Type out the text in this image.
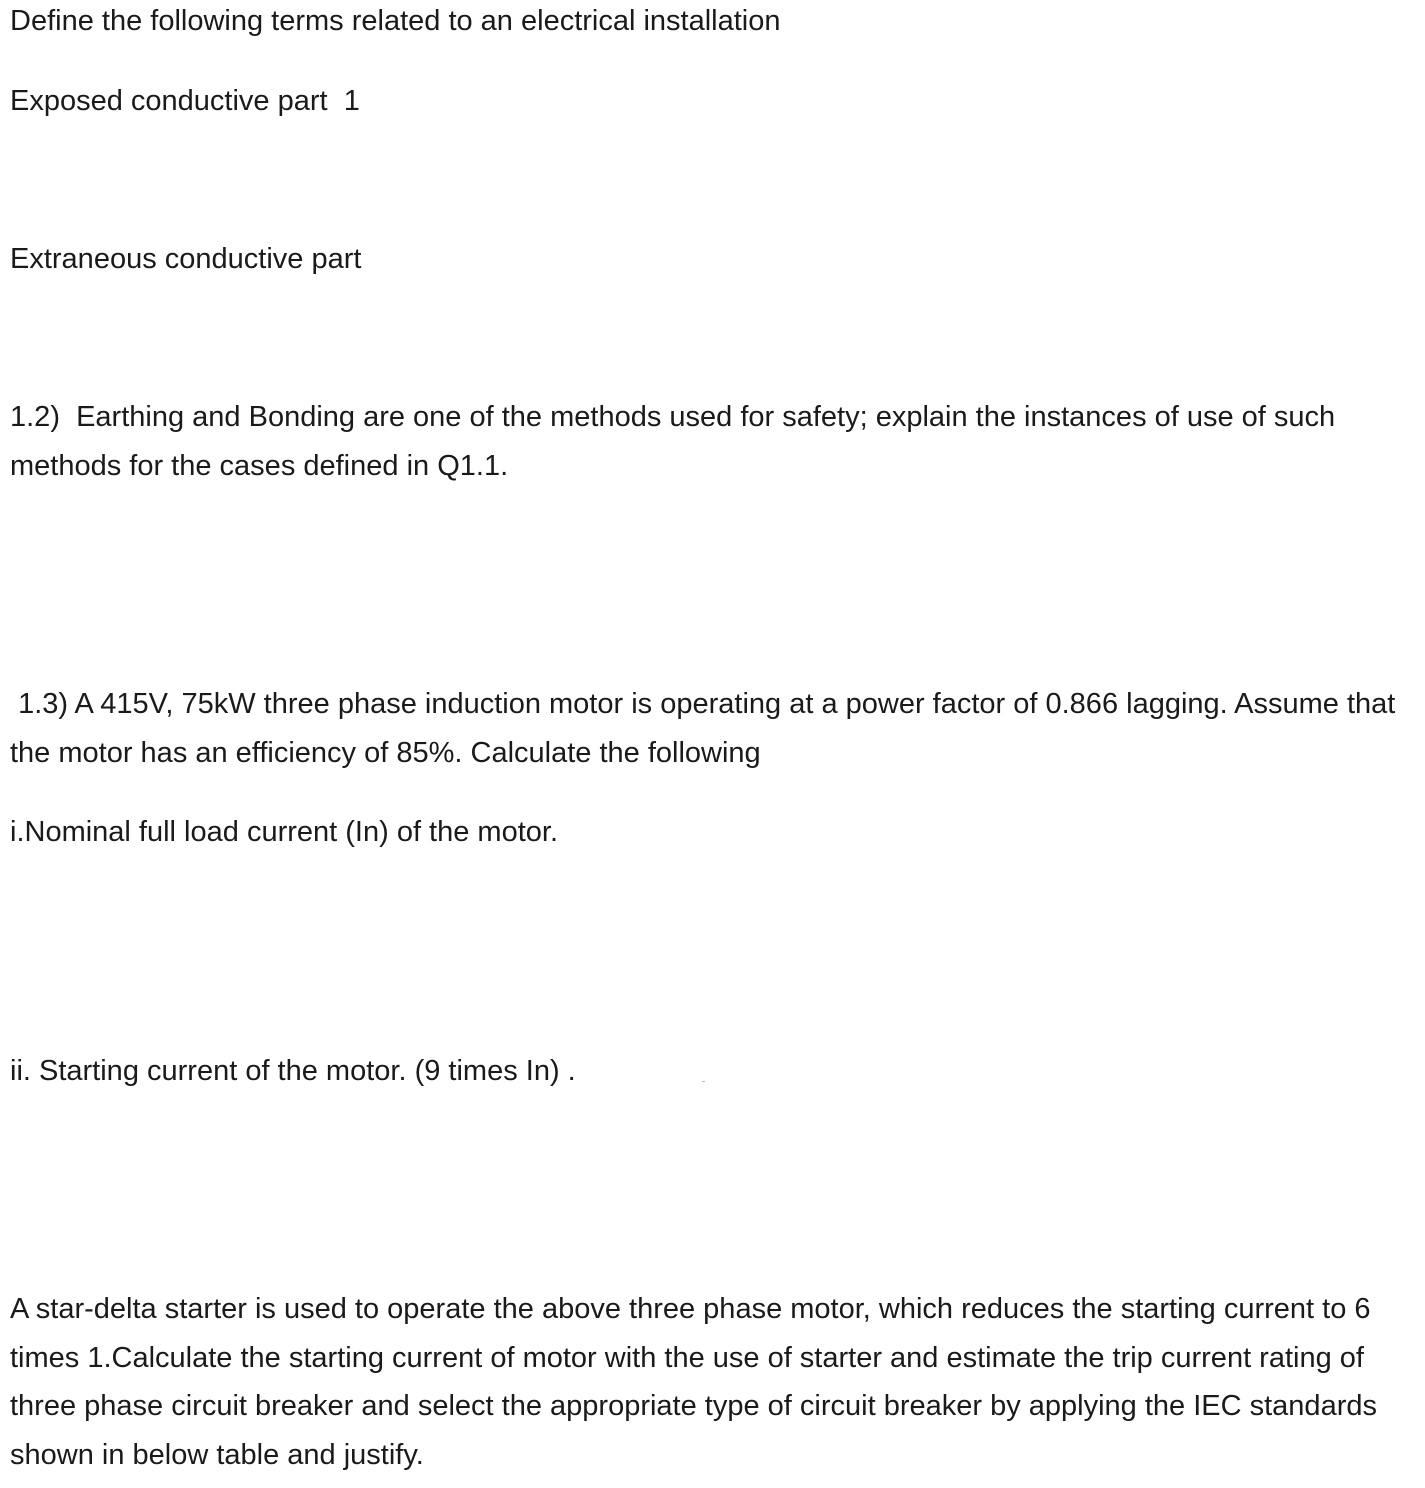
Define the following terms related to an electrical installation

Exposed conductive part  1

Extraneous conductive part

1.2)  Earthing and Bonding are one of the methods used for safety; explain the instances of use of such methods for the cases defined in Q1.1.

1.3) A 415V, 75kW three phase induction motor is operating at a power factor of 0.866 lagging. Assume that the motor has an efficiency of 85%. Calculate the following

i.Nominal full load current (In) of the motor.

ii. Starting current of the motor. (9 times In) .

A star-delta starter is used to operate the above three phase motor, which reduces the starting current to 6 times 1.Calculate the starting current of motor with the use of starter and estimate the trip current rating of three phase circuit breaker and select the appropriate type of circuit breaker by applying the IEC standards shown in below table and justify.
